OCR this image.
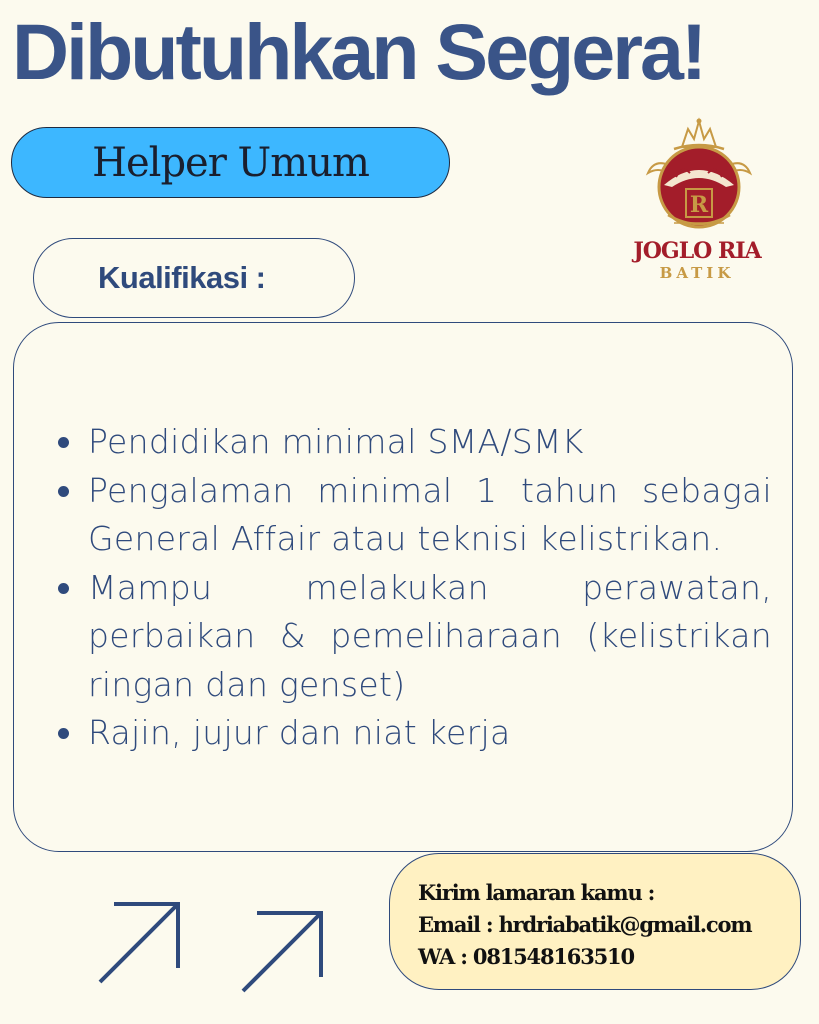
Dibutuhkan Segera!
Helper Umum
R
JOGLO RIA
BATIK
Kualifikasi :
Pendidikan minimal SMA/SMK
Pengalaman minimal 1 tahun sebagai General Affair atau teknisi kelistrikan.
Mampu melakukan perawatan, perbaikan & pemeliharaan (kelistrikan ringan dan genset)
Rajin, jujur dan niat kerja
Kirim lamaran kamu :
Email : hrdriabatik@gmail.com
WA : 081548163510
